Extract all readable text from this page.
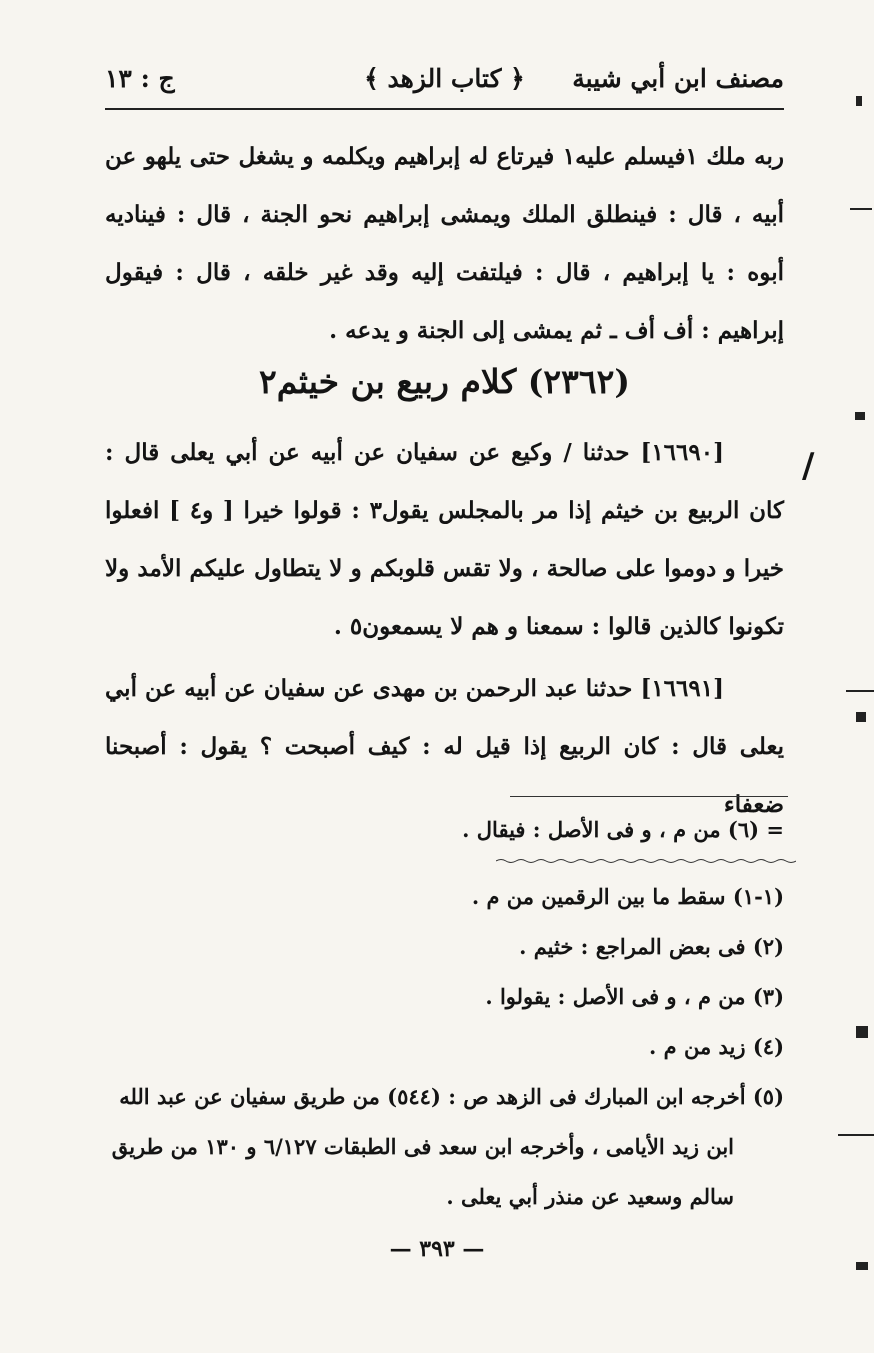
مصنف ابن أبي شيبة
﴿ كتاب الزهد ﴾
ج : ١٣

ربه ملك ١فيسلم عليه١ فيرتاع له إبراهيم ويكلمه و يشغل حتى يلهو عن أبيه ، قال : فينطلق الملك ويمشى إبراهيم نحو الجنة ، قال : فيناديه أبوه : يا إبراهيم ، قال : فيلتفت إليه وقد غير خلقه ، قال : فيقول إبراهيم : أف أف ـ ثم يمشى إلى الجنة و يدعه .

(٢٣٦٢) كلام ربيع بن خيثم٢
/

[١٦٦٩٠] حدثنا / وكيع عن سفيان عن أبيه عن أبي يعلى قال : كان الربيع بن خيثم إذا مر بالمجلس يقول٣ : قولوا خيرا [ و٤ ] افعلوا خيرا و دوموا على صالحة ، ولا تقس قلوبكم و لا يتطاول عليكم الأمد ولا تكونوا كالذين قالوا : سمعنا و هم لا يسمعون٥ .

[١٦٦٩١] حدثنا عبد الرحمن بن مهدى عن سفيان عن أبيه عن أبي يعلى قال : كان الربيع إذا قيل له : كيف أصبحت ؟ يقول : أصبحنا ضعفاء

= (٦) من م ، و فى الأصل : فيقال .

(١-١) سقط ما بين الرقمين من م .

(٢) فى بعض المراجع : خثيم .

(٣) من م ، و فى الأصل : يقولوا .

(٤) زيد من م .

(٥) أخرجه ابن المبارك فى الزهد ص : (٥٤٤) من طريق سفيان عن عبد الله

ابن زيد الأيامى ، وأخرجه ابن سعد فى الطبقات ٦/١٢٧ و ١٣٠ من طريق سالم وسعيد عن منذر أبي يعلى .

— ٣٩٣ —
